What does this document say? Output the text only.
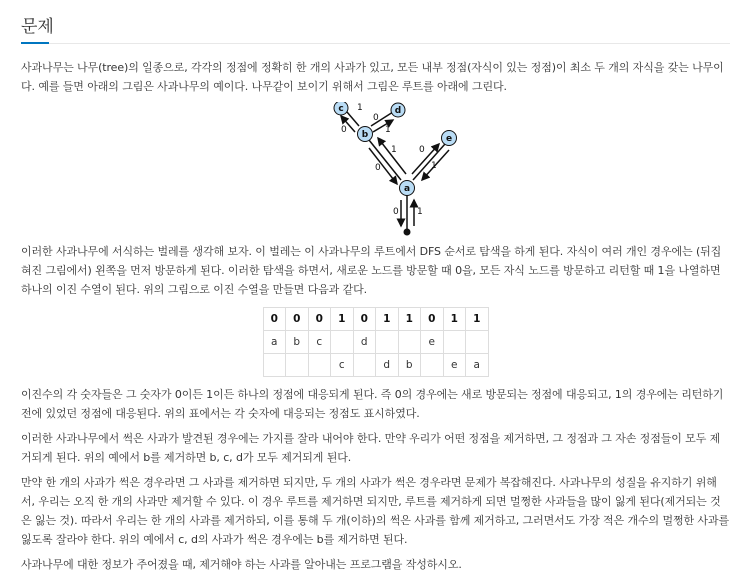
문제

사과나무는 나무(tree)의 일종으로, 각각의 정점에 정확히 한 개의 사과가 있고, 모든 내부 정점(자식이 있는 정점)이 최소 두 개의 자식을 갖는 나무이다. 예를 들면 아래의 그림은 사과나무의 예이다. 나무같이 보이기 위해서 그림은 루트를 아래에 그린다.

0 1
0
1 0
1
0
1
0
1
a
b
c	d
e

이러한 사과나무에 서식하는 벌레를 생각해 보자. 이 벌레는 이 사과나무의 루트에서 DFS 순서로 탐색을 하게 된다. 자식이 여러 개인 경우에는 (뒤집혀진 그림에서) 왼쪽을 먼저 방문하게 된다. 이러한 탐색을 하면서, 새로운 노드를 방문할 때 0을, 모든 자식 노드를 방문하고 리턴할 때 1을 나열하면 하나의 이진 수열이 된다. 위의 그림으로 이진 수열을 만들면 다음과 같다.

0	0	0	1	0	1	1	0	1	1
a	b	c		d			e		
			c		d	b		e	a

이진수의 각 숫자들은 그 숫자가 0이든 1이든 하나의 정점에 대응되게 된다. 즉 0의 경우에는 새로 방문되는 정점에 대응되고, 1의 경우에는 리턴하기 전에 있었던 정점에 대응된다. 위의 표에서는 각 숫자에 대응되는 정점도 표시하였다.

이러한 사과나무에서 썩은 사과가 발견된 경우에는 가지를 잘라 내어야 한다. 만약 우리가 어떤 정점을 제거하면, 그 정점과 그 자손 정점들이 모두 제거되게 된다. 위의 예에서 b를 제거하면 b, c, d가 모두 제거되게 된다.

만약 한 개의 사과가 썩은 경우라면 그 사과를 제거하면 되지만, 두 개의 사과가 썩은 경우라면 문제가 복잡해진다. 사과나무의 성질을 유지하기 위해서, 우리는 오직 한 개의 사과만 제거할 수 있다. 이 경우 루트를 제거하면 되지만, 루트를 제거하게 되면 멀쩡한 사과들을 많이 잃게 된다(제거되는 것은 잃는 것). 따라서 우리는 한 개의 사과를 제거하되, 이를 통해 두 개(이하)의 썩은 사과를 함께 제거하고, 그러면서도 가장 적은 개수의 멀쩡한 사과를 잃도록 잘라야 한다. 위의 예에서 c, d의 사과가 썩은 경우에는 b를 제거하면 된다.

사과나무에 대한 정보가 주어졌을 때, 제거해야 하는 사과를 알아내는 프로그램을 작성하시오.
